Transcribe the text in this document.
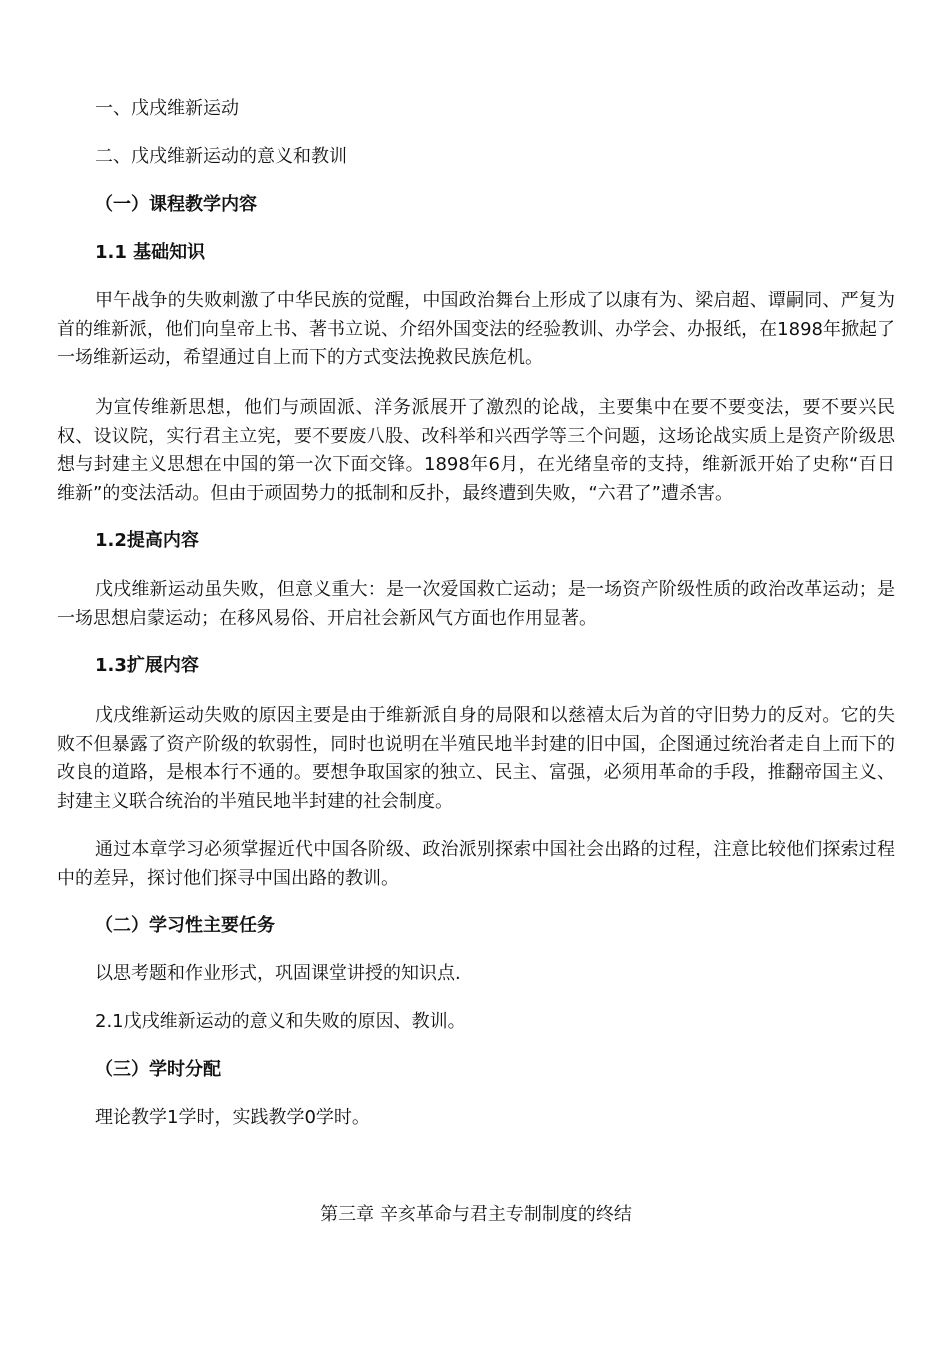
一、戊戌维新运动
二、戊戌维新运动的意义和教训
（一）课程教学内容
1.1 基础知识

甲午战争的失败刺激了中华民族的觉醒，中国政治舞台上形成了以康有为、梁启超、谭嗣同、严复为首的维新派，他们向皇帝上书、著书立说、介绍外国变法的经验教训、办学会、办报纸，在1898年掀起了一场维新运动，希望通过自上而下的方式变法挽救民族危机。

为宣传维新思想，他们与顽固派、洋务派展开了激烈的论战，主要集中在要不要变法，要不要兴民权、设议院，实行君主立宪，要不要废八股、改科举和兴西学等三个问题，这场论战实质上是资产阶级思想与封建主义思想在中国的第一次下面交锋。1898年6月，在光绪皇帝的支持，维新派开始了史称“百日维新”的变法活动。但由于顽固势力的抵制和反扑，最终遭到失败，“六君了”遭杀害。

1.2提高内容

戊戌维新运动虽失败，但意义重大：是一次爱国救亡运动；是一场资产阶级性质的政治改革运动；是一场思想启蒙运动；在移风易俗、开启社会新风气方面也作用显著。

1.3扩展内容

戊戌维新运动失败的原因主要是由于维新派自身的局限和以慈禧太后为首的守旧势力的反对。它的失败不但暴露了资产阶级的软弱性，同时也说明在半殖民地半封建的旧中国，企图通过统治者走自上而下的改良的道路，是根本行不通的。要想争取国家的独立、民主、富强，必须用革命的手段，推翻帝国主义、封建主义联合统治的半殖民地半封建的社会制度。

通过本章学习必须掌握近代中国各阶级、政治派别探索中国社会出路的过程，注意比较他们探索过程中的差异，探讨他们探寻中国出路的教训。

（二）学习性主要任务
以思考题和作业形式，巩固课堂讲授的知识点.
2.1戊戌维新运动的意义和失败的原因、教训。
（三）学时分配
理论教学1学时，实践教学0学时。
第三章 辛亥革命与君主专制制度的终结
